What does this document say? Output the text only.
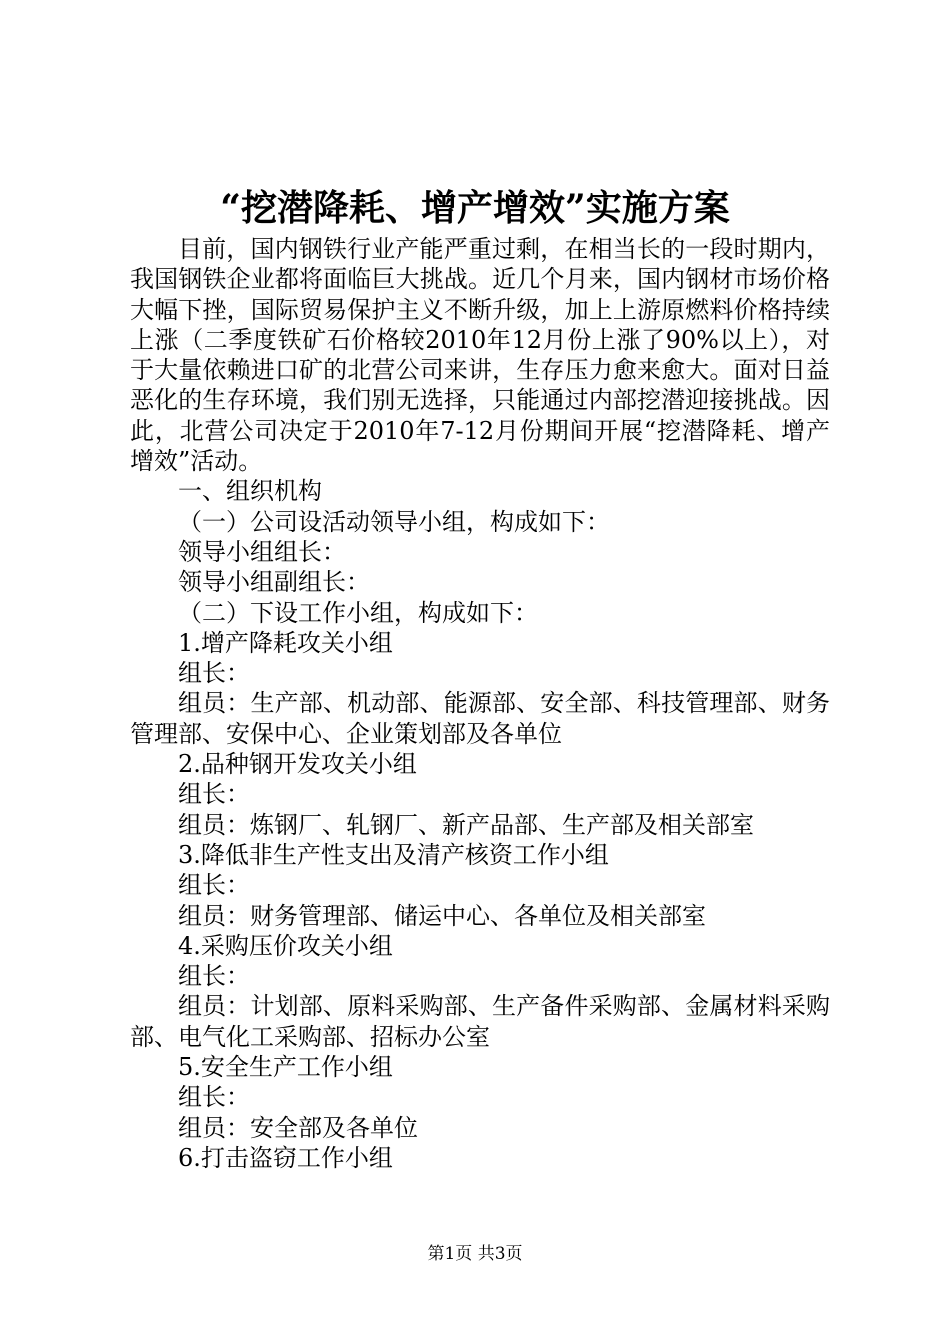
“挖潜降耗、增产增效”实施方案

目前，国内钢铁行业产能严重过剩，在相当长的一段时期内，我国钢铁企业都将面临巨大挑战。近几个月来，国内钢材市场价格大幅下挫，国际贸易保护主义不断升级，加上上游原燃料价格持续上涨（二季度铁矿石价格较2010年12月份上涨了90%以上），对于大量依赖进口矿的北营公司来讲，生存压力愈来愈大。面对日益恶化的生存环境，我们别无选择，只能通过内部挖潜迎接挑战。因此，北营公司决定于2010年7-12月份期间开展“挖潜降耗、增产增效”活动。

一、组织机构

（一）公司设活动领导小组，构成如下：

领导小组组长：

领导小组副组长：

（二）下设工作小组，构成如下：

1.增产降耗攻关小组

组长：

组员：生产部、机动部、能源部、安全部、科技管理部、财务管理部、安保中心、企业策划部及各单位

2.品种钢开发攻关小组

组长：

组员：炼钢厂、轧钢厂、新产品部、生产部及相关部室

3.降低非生产性支出及清产核资工作小组

组长：

组员：财务管理部、储运中心、各单位及相关部室

4.采购压价攻关小组

组长：

组员：计划部、原料采购部、生产备件采购部、金属材料采购部、电气化工采购部、招标办公室

5.安全生产工作小组

组长：

组员：安全部及各单位

6.打击盗窃工作小组

第1页 共3页
